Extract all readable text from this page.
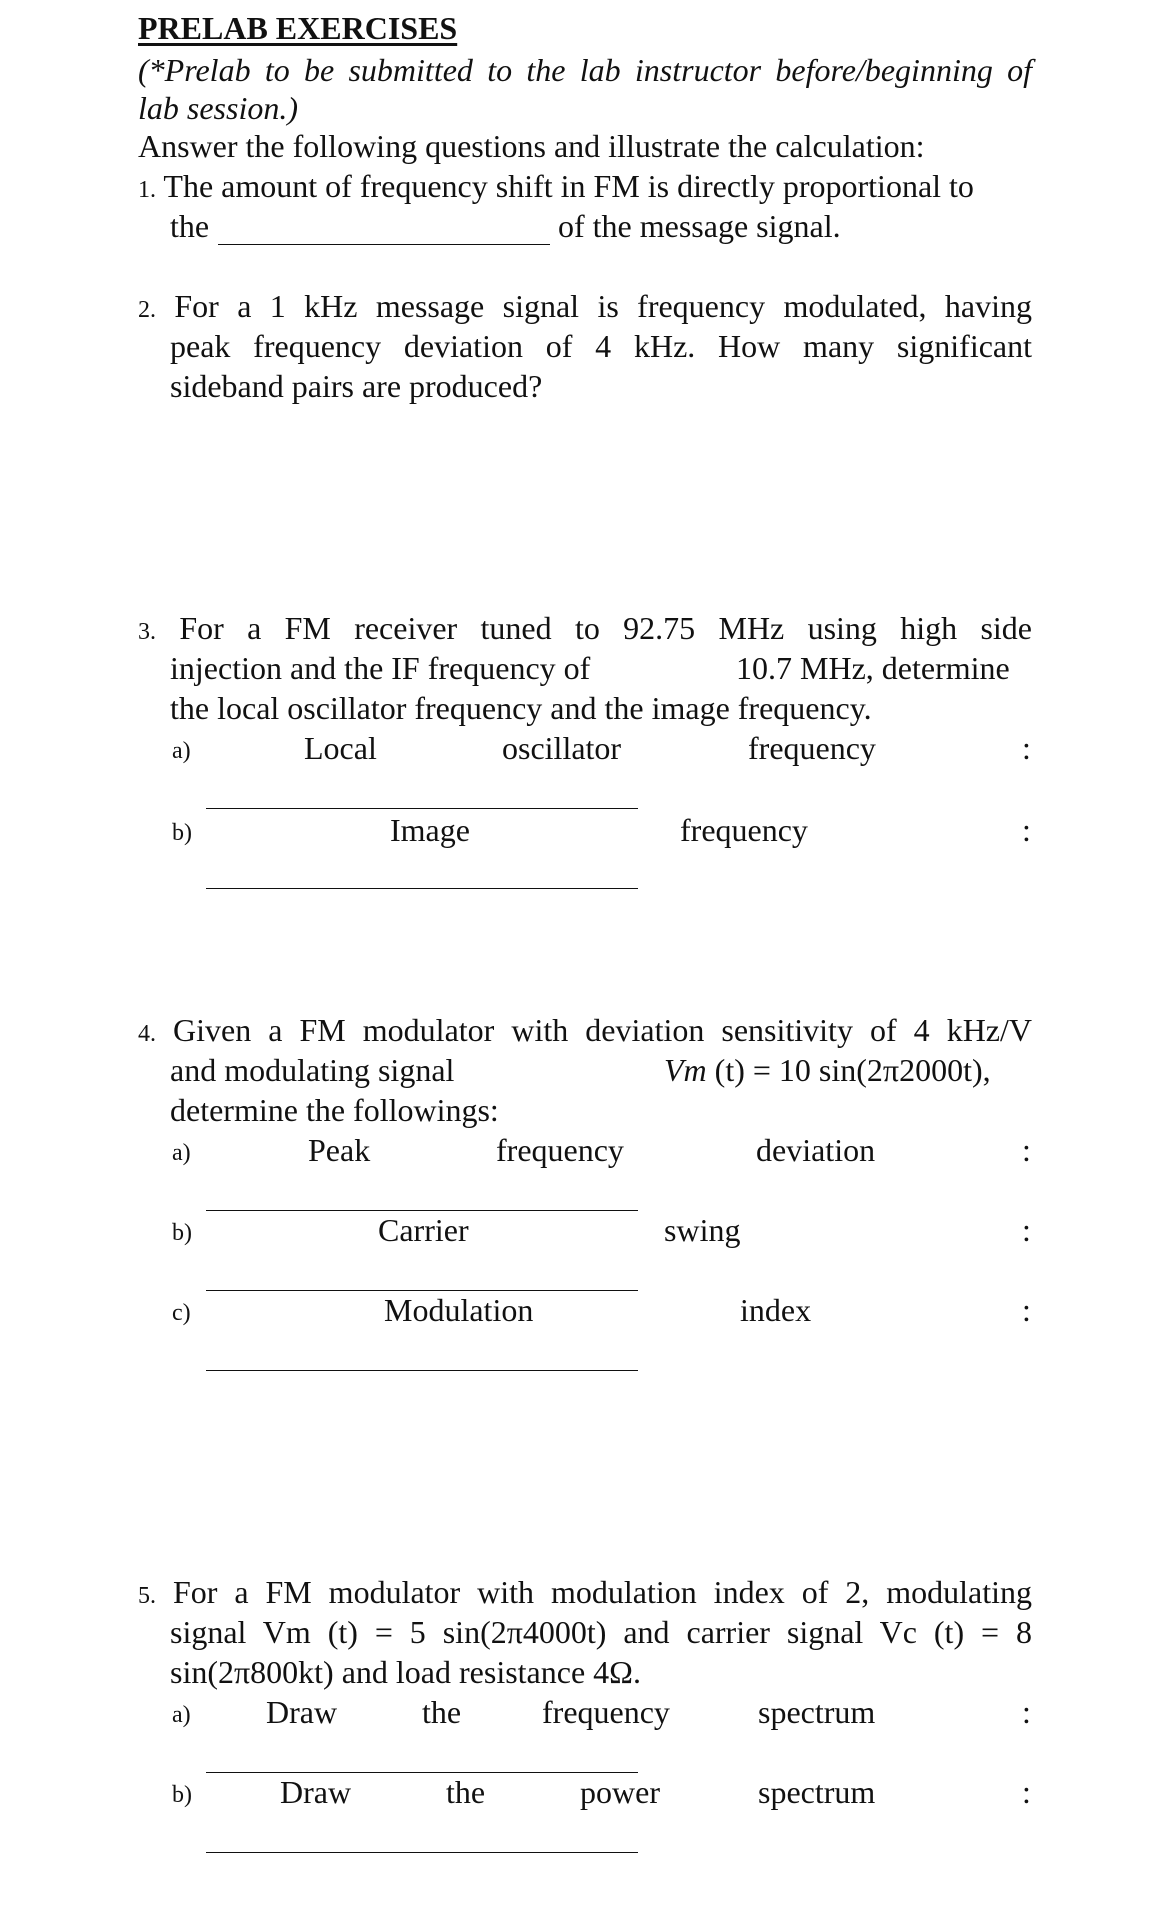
PRELAB EXERCISES
(*Prelab to be submitted to the lab instructor before/beginning of
lab session.)
Answer the following questions and illustrate the calculation:
1. The amount of frequency shift in FM is directly proportional to
the	of the message signal.
2. For a 1 kHz message signal is frequency modulated, having
peak frequency deviation of 4 kHz. How many significant
sideband pairs are produced?
3. For a FM receiver tuned to 92.75 MHz using high side
injection and the IF frequency of	10.7 MHz, determine
the local oscillator frequency and the image frequency.
a)	Local	oscillator	frequency	:
b)	Image	frequency	:
4. Given a FM modulator with deviation sensitivity of 4 kHz/V
and modulating signal	Vm (t) = 10 sin(2π2000t),
determine the followings:
a)	Peak	frequency	deviation	:
b)	Carrier	swing	:
c)	Modulation	index	:
5. For a FM modulator with modulation index of 2, modulating
signal Vm (t) = 5 sin(2π4000t) and carrier signal Vc (t) = 8
sin(2π800kt) and load resistance 4Ω.
a) Draw	the	frequency	spectrum	:
b)	Draw	the	power	spectrum	:
